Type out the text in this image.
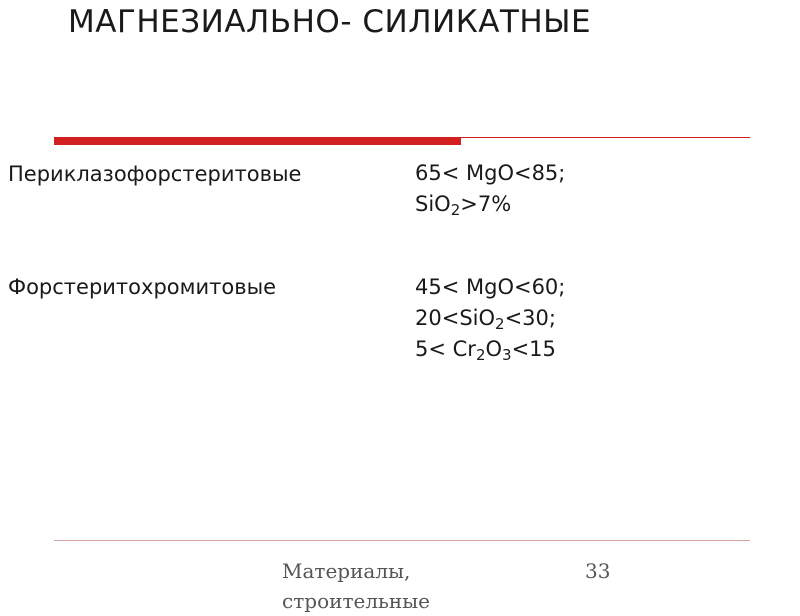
МАГНЕЗИАЛЬНО- СИЛИКАТНЫЕ
Периклазофорстеритовые	65< MgO<85;
SiO$_2$>7%
Форстеритохромитовые	45< MgO<60;
20<SiO$_2$<30;
$5< Cr_2O_3<15$
Материалы, строительные
33
